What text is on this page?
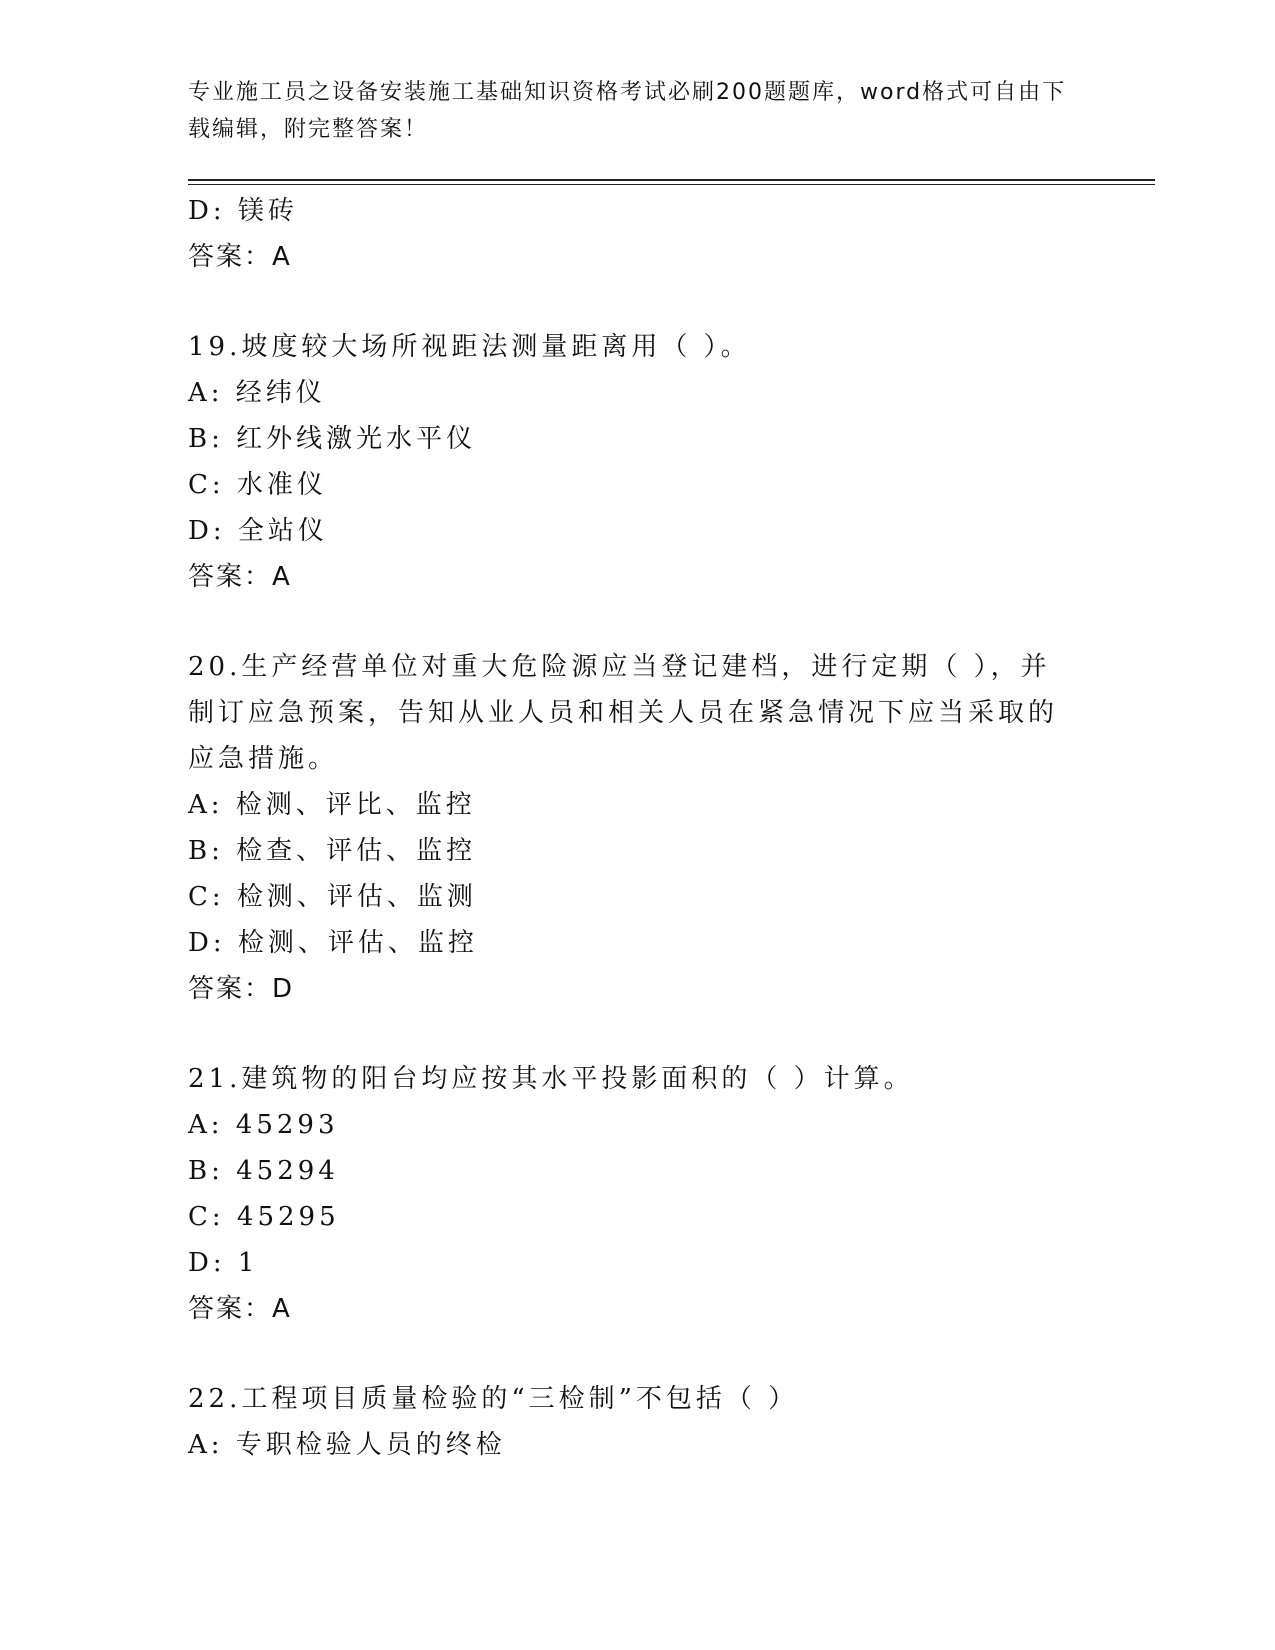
专业施工员之设备安装施工基础知识资格考试必刷200题题库，word格式可自由下载编辑，附完整答案！

D: 镁砖
答案：A
19.坡度较大场所视距法测量距离用（ ）。
A: 经纬仪
B: 红外线激光水平仪
C: 水准仪
D: 全站仪
答案：A
20.生产经营单位对重大危险源应当登记建档，进行定期（ ），并制订应急预案，告知从业人员和相关人员在紧急情况下应当采取的应急措施。
A: 检测、评比、监控
B: 检查、评估、监控
C: 检测、评估、监测
D: 检测、评估、监控
答案：D
21.建筑物的阳台均应按其水平投影面积的（ ）计算。
A: 45293
B: 45294
C: 45295
D: 1
答案：A
22.工程项目质量检验的“三检制”不包括（ ）
A: 专职检验人员的终检
